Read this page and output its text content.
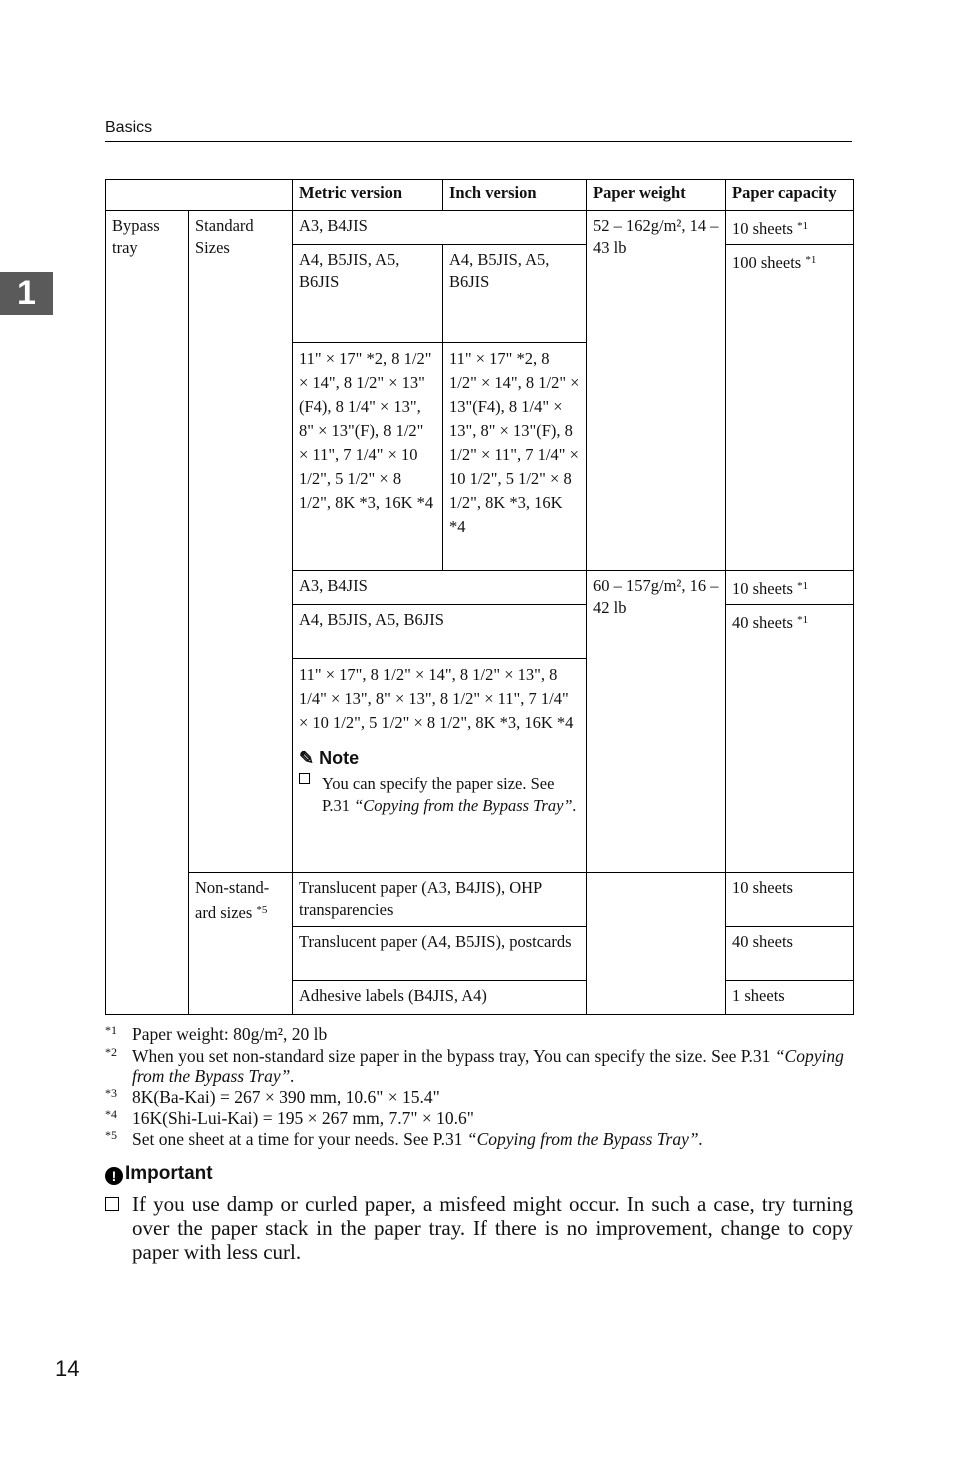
Basics
1
		Metric version	Inch version	Paper weight	Paper capacity
Bypass tray	Standard Sizes	A3, B4JIS		52 – 162g/m², 14 – 43 lb	10 sheets $^{*1}$
		A4, B5JIS, A5, B6JIS	A4, B5JIS, A5, B6JIS		100 sheets $^{*1}$
		11" × 17" *2, 8 1/2" × 14", 8 1/2" × 13"(F4), 8 1/4" × 13", 8" × 13"(F), 8 1/2" × 11", 7 1/4" × 10 1/2", 5 1/2" × 8 1/2", 8K *3, 16K *4	11" × 17" *2, 8 1/2" × 14", 8 1/2" × 13"(F4), 8 1/4" × 13", 8" × 13"(F), 8 1/2" × 11", 7 1/4" × 10 1/2", 5 1/2" × 8 1/2", 8K *3, 16K *4		
		A3, B4JIS		60 – 157g/m², 16 – 42 lb	10 sheets $^{*1}$
		A4, B5JIS, A5, B6JIS			40 sheets $^{*1}$

		11" × 17", 8 1/2" × 14", 8 1/2" × 13", 8 1/4" × 13", 8" × 13", 8 1/2" × 11", 7 1/4" × 10 1/2", 5 1/2" × 8 1/2", 8K *3, 16K *4
✎ Note
You can specify the paper size. See P.31 “Copying from the Bypass Tray”.			

	Non-stand-ard sizes $^{*5}$	Translucent paper (A3, B4JIS), OHP transparencies			10 sheets
		Translucent paper (A4, B5JIS), postcards			40 sheets
		Adhesive labels (B4JIS, A4)			1 sheets
*1 Paper weight: 80g/m², 20 lb
*2 When you set non-standard size paper in the bypass tray, You can specify the size. See P.31 “Copying from the Bypass Tray”.
*3 8K(Ba-Kai) = 267 × 390 mm, 10.6" × 15.4"
*4 16K(Shi-Lui-Kai) = 195 × 267 mm, 7.7" × 10.6"
*5 Set one sheet at a time for your needs. See P.31 “Copying from the Bypass Tray”.
! Important
If you use damp or curled paper, a misfeed might occur. In such a case, try turning over the paper stack in the paper tray. If there is no improvement, change to copy paper with less curl.
14
